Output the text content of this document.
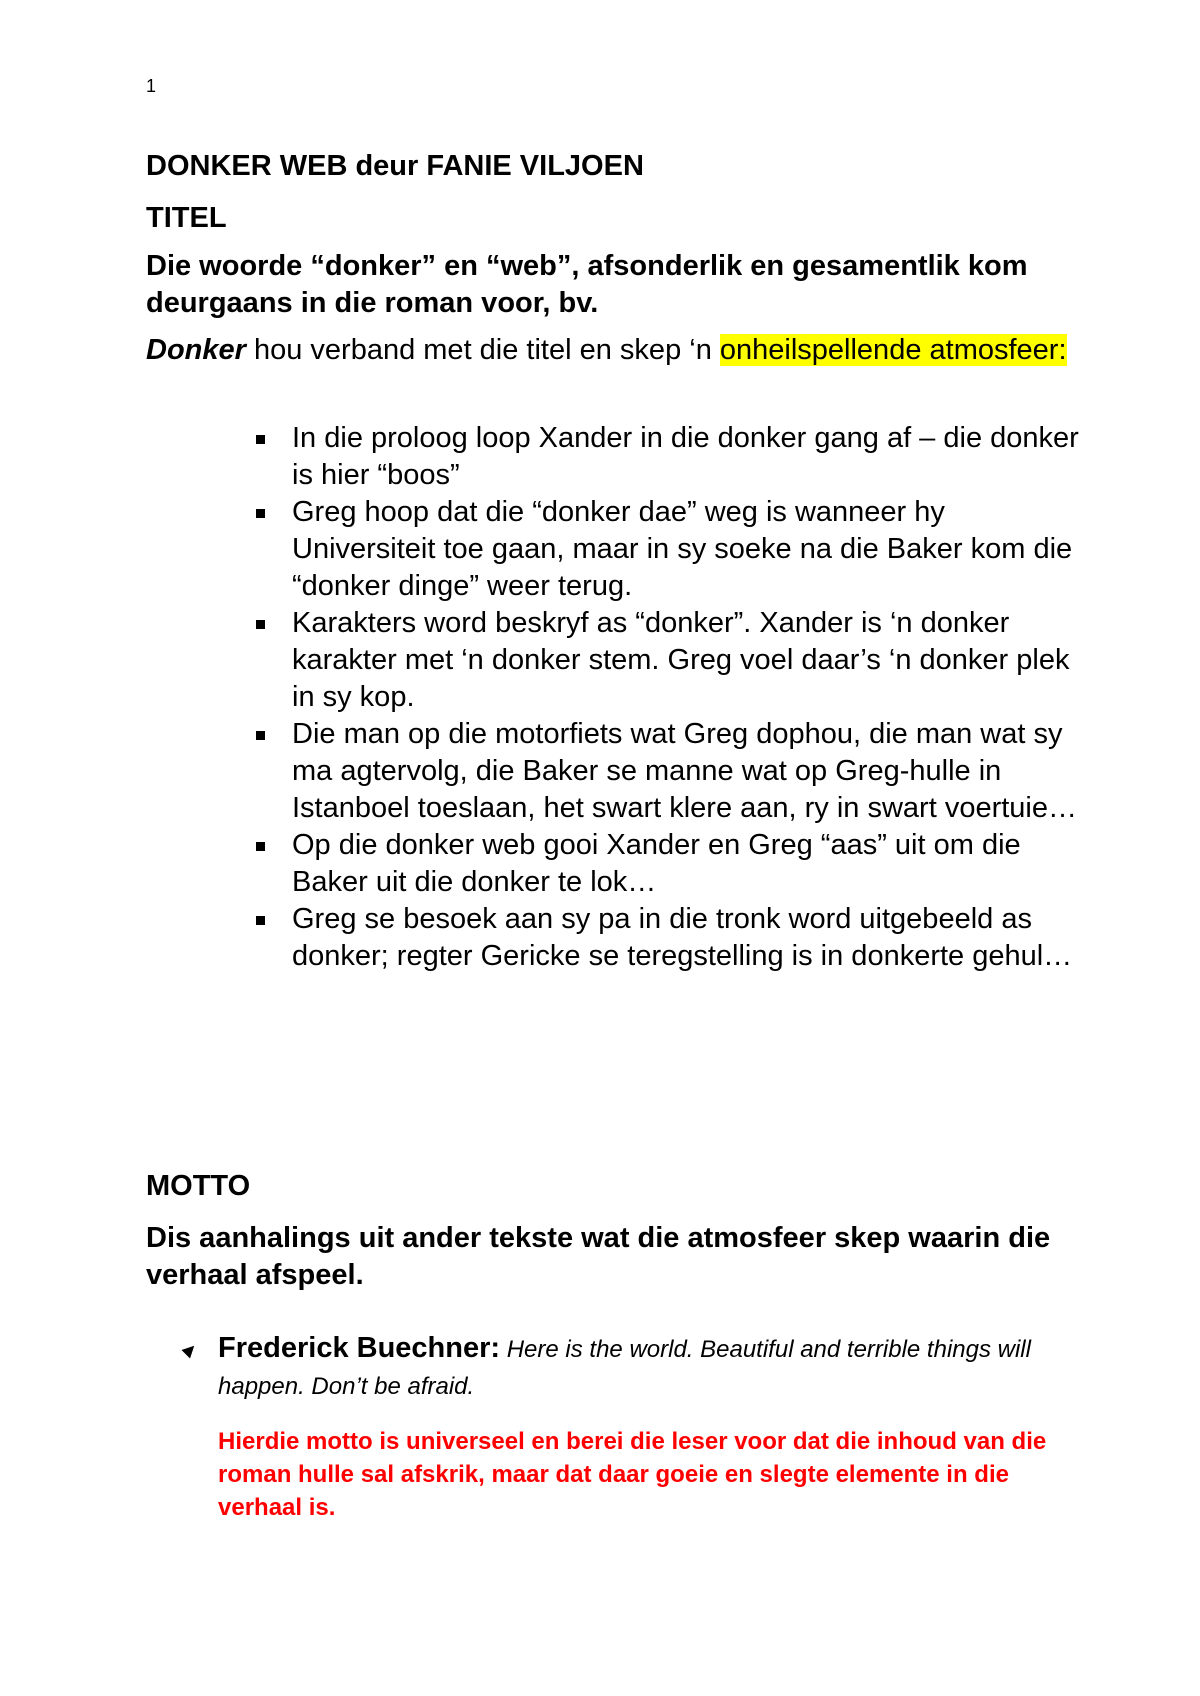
1
DONKER WEB deur FANIE VILJOEN
TITEL
Die woorde “donker” en “web”, afsonderlik en gesamentlik kom deurgaans in die roman voor, bv.
Donker hou verband met die titel en skep ‘n onheilspellende atmosfeer:
In die proloog loop Xander in die donker gang af – die donker is hier “boos”
Greg hoop dat die “donker dae” weg is wanneer hy Universiteit toe gaan, maar in sy soeke na die Baker kom die “donker dinge” weer terug.
Karakters word beskryf as “donker”. Xander is ‘n donker karakter met ‘n donker stem. Greg voel daar’s ‘n donker plek in sy kop.
Die man op die motorfiets wat Greg dophou, die man wat sy ma agtervolg, die Baker se manne wat op Greg-hulle in Istanboel toeslaan, het swart klere aan, ry in swart voertuie…
Op die donker web gooi Xander en Greg “aas” uit om die Baker uit die donker te lok…
Greg se besoek aan sy pa in die tronk word uitgebeeld as donker; regter Gericke se teregstelling is in donkerte gehul…
MOTTO
Dis aanhalings uit ander tekste wat die atmosfeer skep waarin die verhaal afspeel.
Frederick Buechner: Here is the world. Beautiful and terrible things will happen. Don’t be afraid.
Hierdie motto is universeel en berei die leser voor dat die inhoud van die roman hulle sal afskrik, maar dat daar goeie en slegte elemente in die verhaal is.
